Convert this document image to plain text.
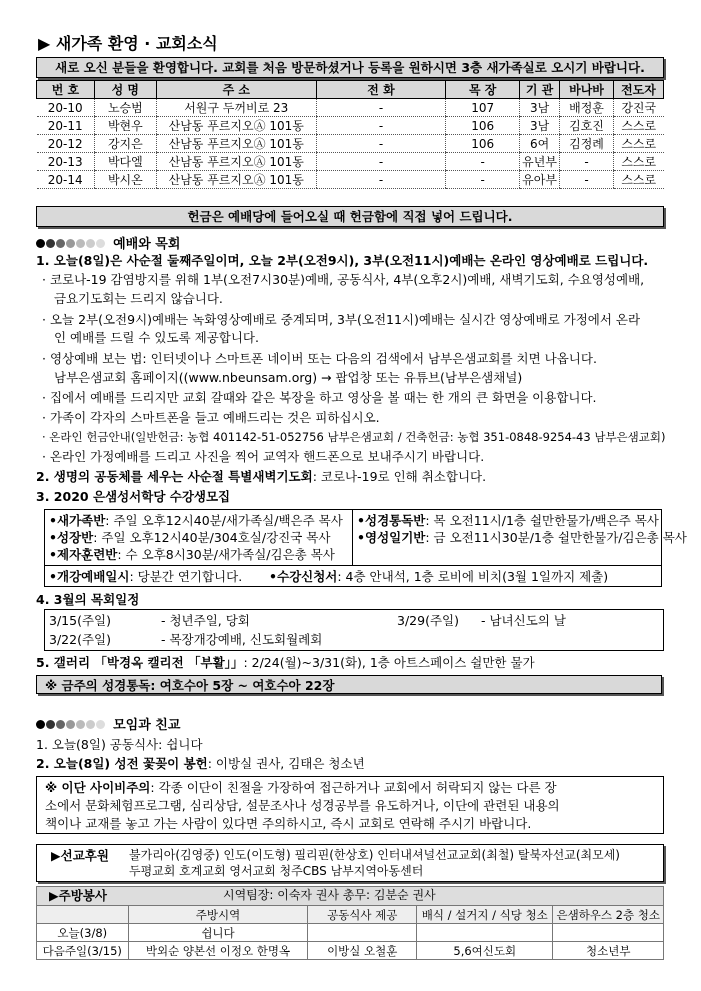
▶ 새가족 환영 · 교회소식
새로 오신 분들을 환영합니다. 교회를 처음 방문하셨거나 등록을 원하시면 3층 새가족실로 오시기 바랍니다.
번 호	성 명	주 소	전 화	목 장	기 관	바나바	전도자
20-10	노승범	서원구 두꺼비로 23	-	107	3남	배정훈	강진국
20-11	박현우	산남동 푸르지오Ⓐ 101동	-	106	3남	김호진	스스로
20-12	강지은	산남동 푸르지오Ⓐ 101동	-	106	6여	김정례	스스로
20-13	박다엘	산남동 푸르지오Ⓐ 101동	-	-	유년부	-	스스로
20-14	박시온	산남동 푸르지오Ⓐ 101동	-	-	유아부	-	스스로
헌금은 예배당에 들어오실 때 헌금함에 직접 넣어 드립니다.
예배와 목회
1. 오늘(8일)은 사순절 둘째주일이며, 오늘 2부(오전9시), 3부(오전11시)예배는 온라인 영상예배로 드립니다.
· 코로나-19 감염방지를 위해 1부(오전7시30분)예배, 공동식사, 4부(오후2시)예배, 새벽기도회, 수요영성예배,
금요기도회는 드리지 않습니다.
· 오늘 2부(오전9시)예배는 녹화영상예배로 중계되며, 3부(오전11시)예배는 실시간 영상예배로 가정에서 온라
인 예배를 드릴 수 있도록 제공합니다.
· 영상예배 보는 법: 인터넷이나 스마트폰 네이버 또는 다음의 검색에서 남부은샘교회를 치면 나옵니다.
남부은샘교회 홈페이지((www.nbeunsam.org) → 팝업창 또는 유튜브(남부은샘채널)
· 집에서 예배를 드리지만 교회 갈때와 같은 복장을 하고 영상을 볼 때는 한 개의 큰 화면을 이용합니다.
· 가족이 각자의 스마트폰을 들고 예배드리는 것은 피하십시오.
· 온라인 헌금안내(일반헌금: 농협 401142-51-052756 남부은샘교회 / 건축헌금: 농협 351-0848-9254-43 남부은샘교회)
· 온라인 가정예배를 드리고 사진을 찍어 교역자 핸드폰으로 보내주시기 바랍니다.
2. 생명의 공동체를 세우는 사순절 특별새벽기도회: 코로나-19로 인해 취소합니다.
3. 2020 은샘성서학당 수강생모집
•새가족반: 주일 오후12시40분/새가족실/백은주 목사
•성장반: 주일 오후12시40분/304호실/강진국 목사
•제자훈련반: 수 오후8시30분/새가족실/김은총 목사
•성경통독반: 목 오전11시/1층 쉴만한물가/백은주 목사
•영성일기반: 금 오전11시30분/1층 쉴만한물가/김은총 목사
•개강예배일시: 당분간 연기합니다. •수강신청서: 4층 안내석, 1층 로비에 비치(3월 1일까지 제출)
4. 3월의 목회일정
3/15(주일)	- 청년주일, 당회	3/29(주일) - 남녀신도의 날
3/22(주일)	- 목장개강예배, 신도회월례회
5. 갤러리 「박경옥 캘리전 「부활」」: 2/24(월)~3/31(화), 1층 아트스페이스 쉴만한 물가
※ 금주의 성경통독: 여호수아 5장 ~ 여호수아 22장
모임과 친교
1. 오늘(8일) 공동식사: 쉽니다
2. 오늘(8일) 성전 꽃꽂이 봉헌: 이방실 권사, 김태은 청소년
※ 이단 사이비주의: 각종 이단이 친절을 가장하여 접근하거나 교회에서 허락되지 않는 다른 장
소에서 문화체험프로그램, 심리상담, 설문조사나 성경공부를 유도하거나, 이단에 관련된 내용의
책이나 교재를 놓고 가는 사람이 있다면 주의하시고, 즉시 교회로 연락해 주시기 바랍니다.
▶선교후원 불가리아(김영중) 인도(이도형) 필리핀(한상호) 인터내셔널선교교회(최철) 탈북자선교(최모세)
두평교회 호계교회 영서교회 청주CBS 남부지역아동센터
▶주방봉사	시역팀장: 이숙자 권사 총무: 김분순 권사
	주방시역	공동식사 제공	배식 / 설거지 / 식당 청소	은샘하우스 2층 청소
오늘(3/8)	쉽니다			
다음주일(3/15)	박외순 양본선 이정오 한명옥	이방실 오철훈	5,6여신도회	청소년부
